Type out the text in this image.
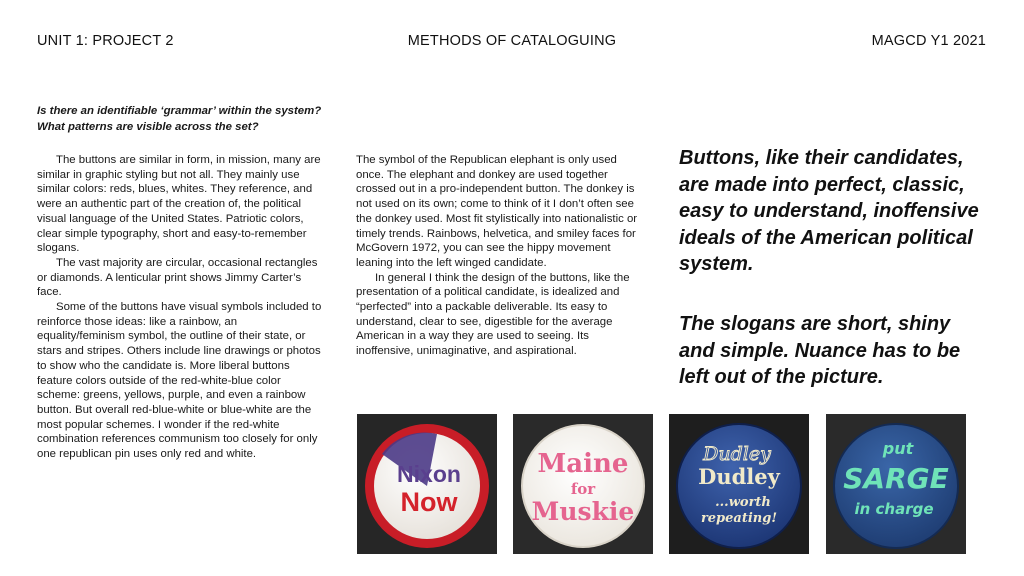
UNIT 1: PROJECT 2	METHODS OF CATALOGUING	MAGCD Y1 2021

Is there an identifiable ‘grammar’ within the system? What patterns are visible across the set?

The buttons are similar in form, in mission, many are similar in graphic styling but not all. They mainly use similar colors: reds, blues, whites. They reference, and were an authentic part of the creation of, the political visual language of the United States. Patriotic colors, clear simple typography, short and easy-to-remember slogans.

The vast majority are circular, occasional rectangles or diamonds. A lenticular print shows Jimmy Carter’s face.

Some of the buttons have visual symbols included to reinforce those ideas: like a rainbow, an equality/feminism symbol, the outline of their state, or stars and stripes. Others include line drawings or photos to show who the candidate is. More liberal buttons feature colors outside of the red-white-blue color scheme: greens, yellows, purple, and even a rainbow button. But overall red-blue-white or blue-white are the most popular schemes. I wonder if the red-white combination references communism too closely for only one republican pin uses only red and white.

The symbol of the Republican elephant is only used once. The elephant and donkey are used together crossed out in a pro-independent button. The donkey is not used on its own; come to think of it I don’t often see the donkey used. Most fit stylistically into nationalistic or timely trends. Rainbows, helvetica, and smiley faces for McGovern 1972, you can see the hippy movement leaning into the left winged candidate.

In general I think the design of the buttons, like the presentation of a political candidate, is idealized and “perfected” into a packable deliverable. Its easy to understand, clear to see, digestible for the average American in a way they are used to seeing. Its inoffensive, unimaginative, and aspirational.

Buttons, like their candidates, are made into perfect, classic, easy to understand, inoffensive ideals of the American political system.

The slogans are short, shiny and simple. Nuance has to be left out of the picture.

Nixon
Now
Maine
for
Muskie
Dudley
Dudley
...worth
repeating!
put
SARGE
in charge
